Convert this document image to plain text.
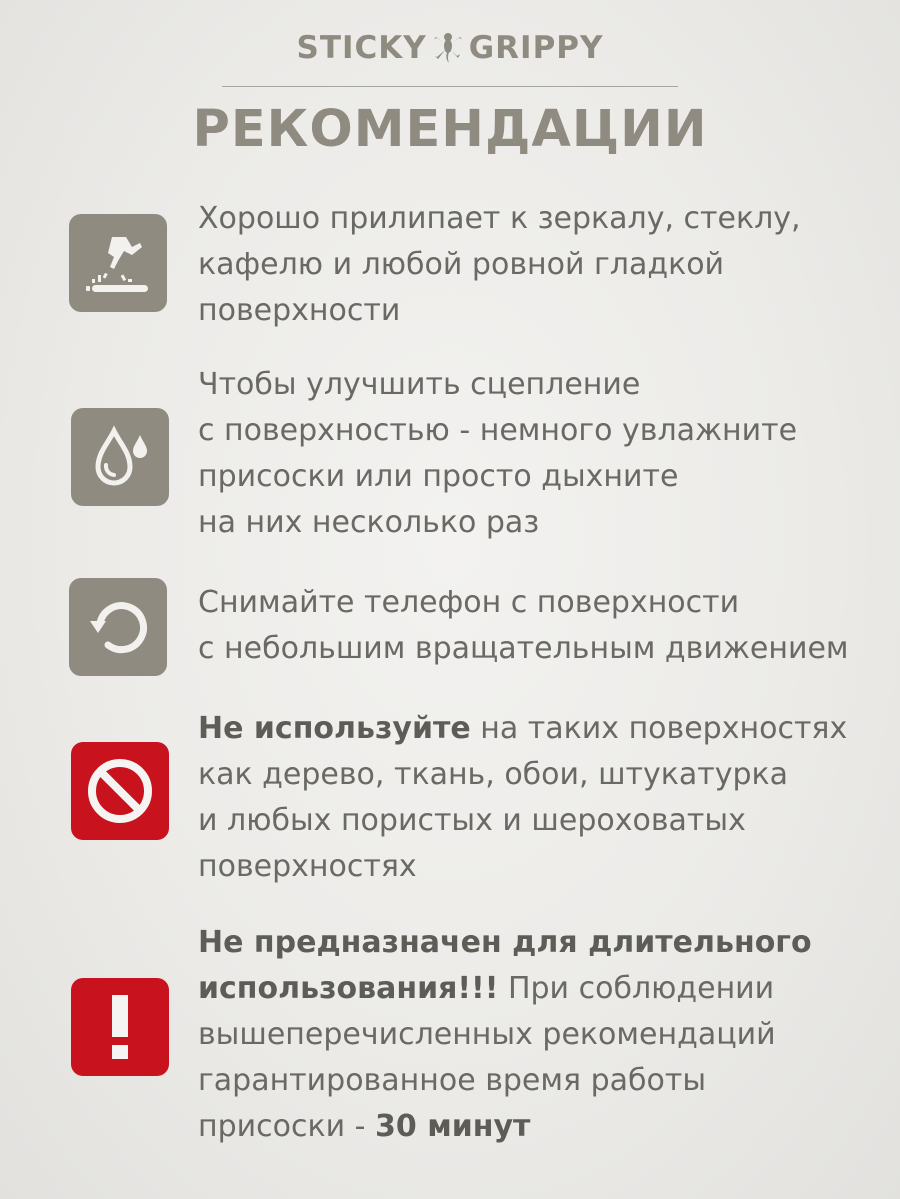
STICKY GRIPPY
РЕКОМЕНДАЦИИ
Хорошо прилипает к зеркалу, стеклу,
кафелю и любой ровной гладкой
поверхности
Чтобы улучшить сцепление
с поверхностью - немного увлажните
присоски или просто дыхните
на них несколько раз
Снимайте телефон с поверхности
с небольшим вращательным движением
Не используйте на таких поверхностях
как дерево, ткань, обои, штукатурка
и любых пористых и шероховатых
поверхностях
Не предназначен для длительного
использования!!! При соблюдении
вышеперечисленных рекомендаций
гарантированное время работы
присоски - 30 минут
